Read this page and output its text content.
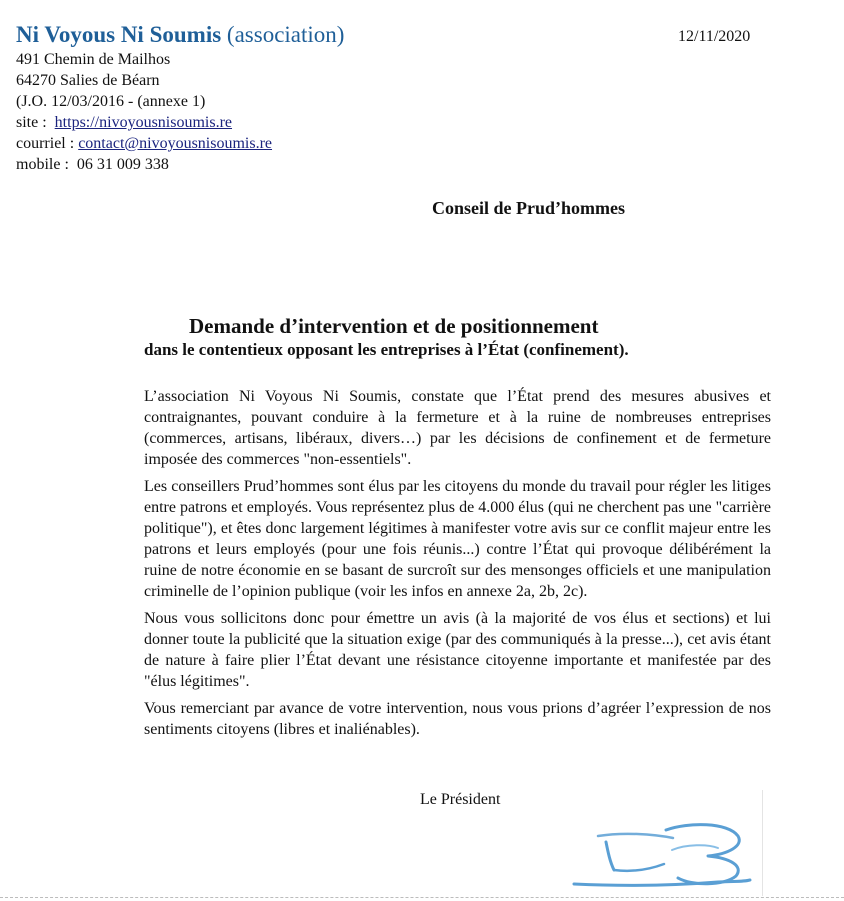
Ni Voyous Ni Soumis (association)
491 Chemin de Mailhos
64270 Salies de Béarn
(J.O. 12/03/2016 - (annexe 1)
site : https://nivoyousnisoumis.re
courriel : contact@nivoyousnisoumis.re
mobile : 06 31 009 338
12/11/2020
Conseil de Prud’hommes
Demande d’intervention et de positionnement
dans le contentieux opposant les entreprises à l’État (confinement).

L’association Ni Voyous Ni Soumis, constate que l’État prend des mesures abusives et contraignantes, pouvant conduire à la fermeture et à la ruine de nombreuses entreprises (commerces, artisans, libéraux, divers…) par les décisions de confinement et de fermeture imposée des commerces "non-essentiels".

Les conseillers Prud’hommes sont élus par les citoyens du monde du travail pour régler les litiges entre patrons et employés. Vous représentez plus de 4.000 élus (qui ne cherchent pas une "carrière politique"), et êtes donc largement légitimes à manifester votre avis sur ce conflit majeur entre les patrons et leurs employés (pour une fois réunis...) contre l’État qui provoque délibérément la ruine de notre économie en se basant de surcroît sur des mensonges officiels et une manipulation criminelle de l’opinion publique (voir les infos en annexe 2a, 2b, 2c).

Nous vous sollicitons donc pour émettre un avis (à la majorité de vos élus et sections) et lui donner toute la publicité que la situation exige (par des communiqués à la presse...), cet avis étant de nature à faire plier l’État devant une résistance citoyenne importante et manifestée par des "élus légitimes".

Vous remerciant par avance de votre intervention, nous vous prions d’agréer l’expression de nos sentiments citoyens (libres et inaliénables).

Le Président
